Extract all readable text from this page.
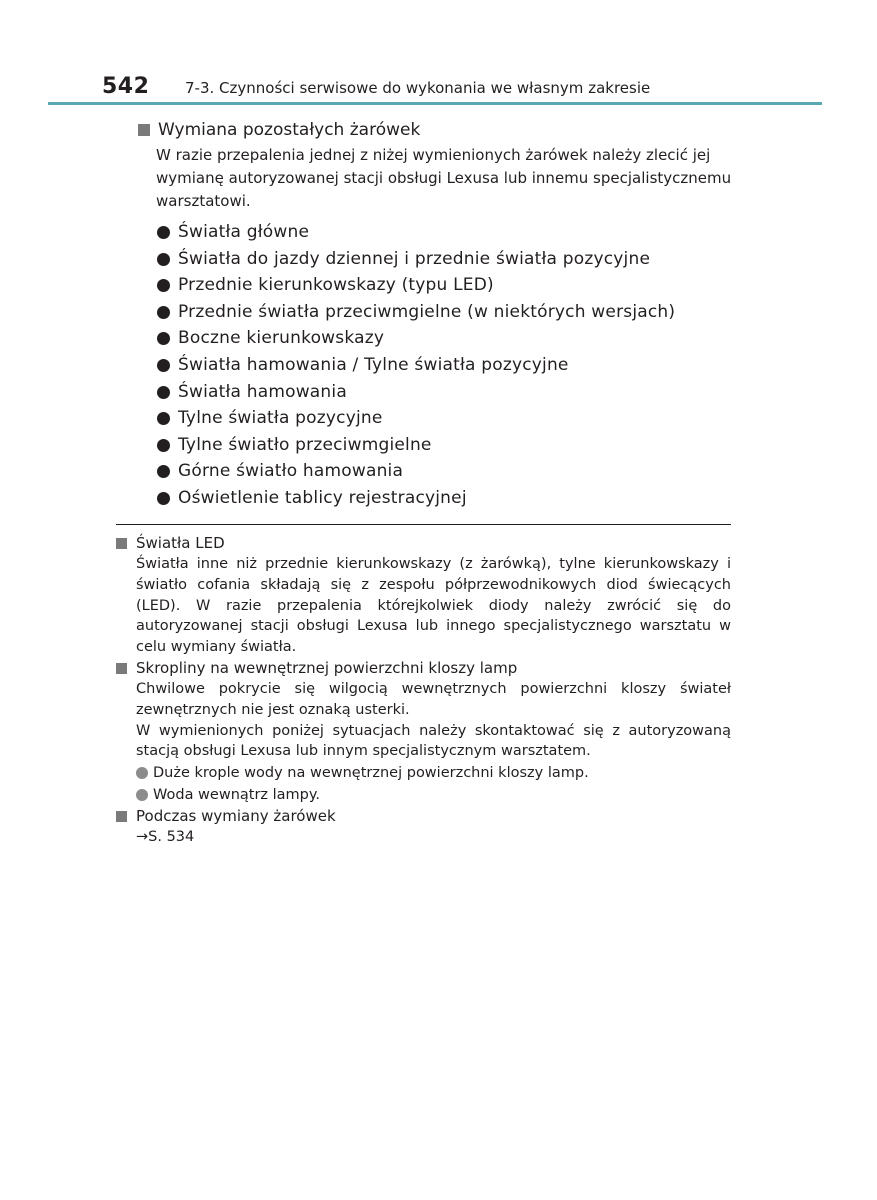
542 7-3. Czynności serwisowe do wykonania we własnym zakresie
Wymiana pozostałych żarówek
W razie przepalenia jednej z niżej wymienionych żarówek należy zlecić jej wymianę autoryzowanej stacji obsługi Lexusa lub innemu specjalistycznemu warsztatowi.
Światła główne
Światła do jazdy dziennej i przednie światła pozycyjne
Przednie kierunkowskazy (typu LED)
Przednie światła przeciwmgielne (w niektórych wersjach)
Boczne kierunkowskazy
Światła hamowania / Tylne światła pozycyjne
Światła hamowania
Tylne światła pozycyjne
Tylne światło przeciwmgielne
Górne światło hamowania
Oświetlenie tablicy rejestracyjnej
Światła LED
Światła inne niż przednie kierunkowskazy (z żarówką), tylne kierunkowskazy i światło cofania składają się z zespołu półprzewodnikowych diod świecących (LED). W razie przepalenia którejkolwiek diody należy zwrócić się do autoryzowanej stacji obsługi Lexusa lub innego specjalistycznego warsztatu w celu wymiany światła.
Skropliny na wewnętrznej powierzchni kloszy lamp
Chwilowe pokrycie się wilgocią wewnętrznych powierzchni kloszy świateł zewnętrznych nie jest oznaką usterki.
W wymienionych poniżej sytuacjach należy skontaktować się z autoryzowaną stacją obsługi Lexusa lub innym specjalistycznym warsztatem.
Duże krople wody na wewnętrznej powierzchni kloszy lamp.
Woda wewnątrz lampy.
Podczas wymiany żarówek
→S. 534
